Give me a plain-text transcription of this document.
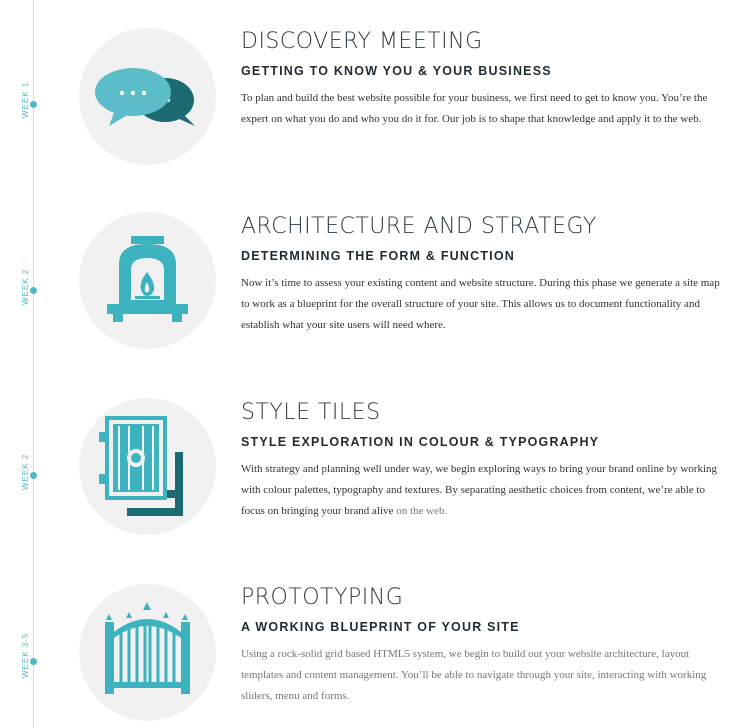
WEEK 1
WEEK 2
WEEK 2
WEEK 3-5
DISCOVERY MEETING
GETTING TO KNOW YOU & YOUR BUSINESS

To plan and build the best website possible for your business, we first need to get to know you. You’re the expert on what you do and who you do it for. Our job is to shape that knowledge and apply it to the web.

ARCHITECTURE AND STRATEGY
DETERMINING THE FORM & FUNCTION

Now it’s time to assess your existing content and website structure. During this phase we generate a site map to work as a blueprint for the overall structure of your site. This allows us to document functionality and establish what your site users will need where.

STYLE TILES
STYLE EXPLORATION IN COLOUR & TYPOGRAPHY

With strategy and planning well under way, we begin exploring ways to bring your brand online by working with colour palettes, typography and textures. By separating aesthetic choices from content, we’re able to focus on bringing your brand alive on the web.

PROTOTYPING
A WORKING BLUEPRINT OF YOUR SITE

Using a rock-solid grid based HTML5 system, we begin to build out your website architecture, layout templates and content management. You’ll be able to navigate through your site, interacting with working sliders, menu and forms.
